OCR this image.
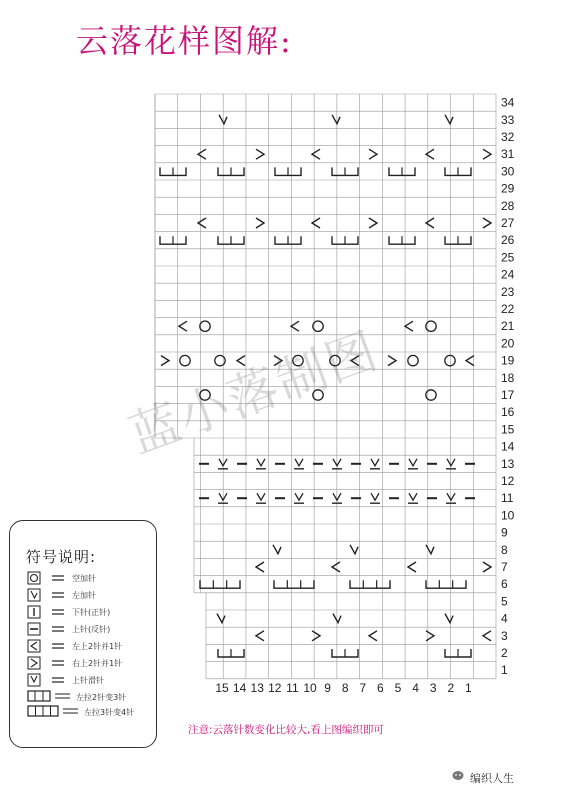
云落花样图解:
34
33
32
31
30
29
28
27
26
25
24
23
22
21
20
19
18
17
16
15
14
13
12
11
10
9
8
7
6
5
4
3
2
1
15 14 13 12 11 10 9 8 7 6 5 4 3 2 1
蓝小落制图
符号说明:
空加针
左加针
下针(正针)
上针(反针)
左上2针并1针
右上2针并1针
上针滑针
左拉2针变3针
左拉3针变4针
注意:云落针数变化比较大,看上图编织即可
编织人生
